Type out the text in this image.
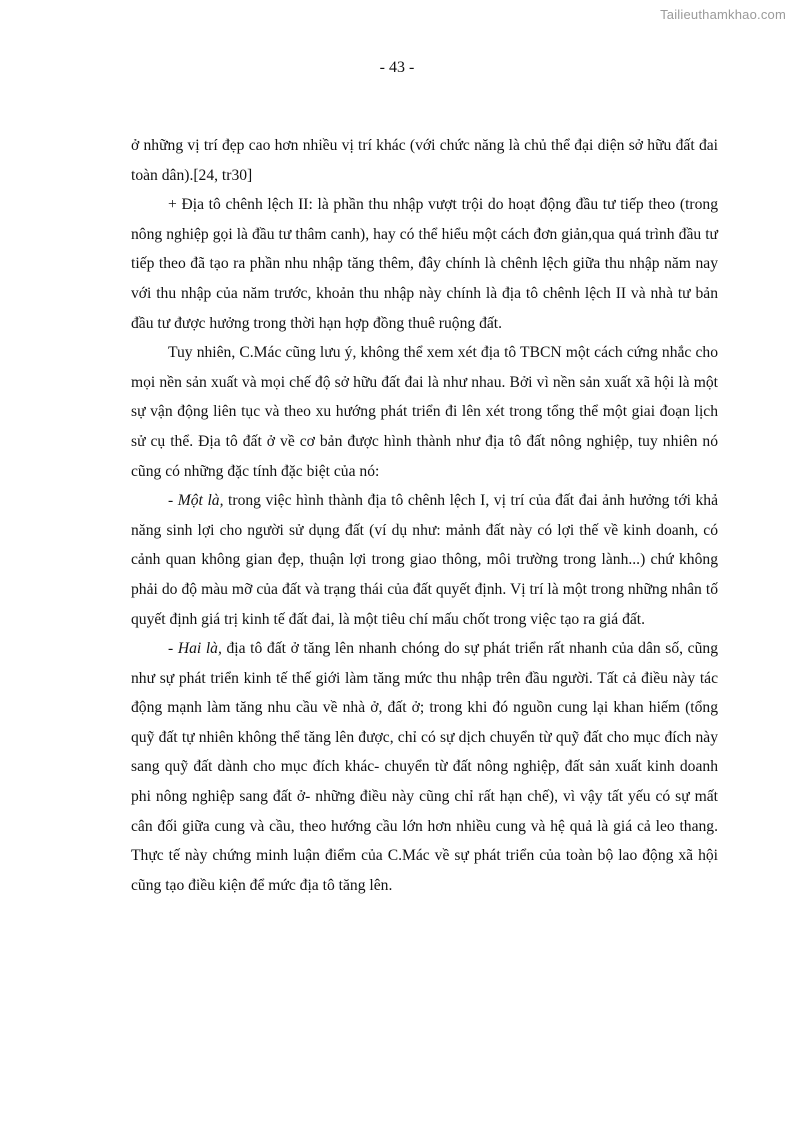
Tailieuthamkhao.com
- 43 -

ở những vị trí đẹp cao hơn nhiều vị trí khác (với chức năng là chủ thể đại diện sở hữu đất đai toàn dân).[24, tr30]

+ Địa tô chênh lệch II: là phần thu nhập vượt trội do hoạt động đầu tư tiếp theo (trong nông nghiệp gọi là đầu tư thâm canh), hay có thể hiểu một cách đơn giản,qua quá trình đầu tư tiếp theo đã tạo ra phần nhu nhập tăng thêm, đây chính là chênh lệch giữa thu nhập năm nay với thu nhập của năm trước, khoản thu nhập này chính là địa tô chênh lệch II và nhà tư bản đầu tư được hưởng trong thời hạn hợp đồng thuê ruộng đất.

Tuy nhiên, C.Mác cũng lưu ý, không thể xem xét địa tô TBCN một cách cứng nhắc cho mọi nền sản xuất và mọi chế độ sở hữu đất đai là như nhau. Bởi vì nền sản xuất xã hội là một sự vận động liên tục và theo xu hướng phát triển đi lên xét trong tổng thể một giai đoạn lịch sử cụ thể. Địa tô đất ở về cơ bản được hình thành như địa tô đất nông nghiệp, tuy nhiên nó cũng có những đặc tính đặc biệt của nó:

- Một là, trong việc hình thành địa tô chênh lệch I, vị trí của đất đai ảnh hưởng tới khả năng sinh lợi cho người sử dụng đất (ví dụ như: mảnh đất này có lợi thế về kinh doanh, có cảnh quan không gian đẹp, thuận lợi trong giao thông, môi trường trong lành...) chứ không phải do độ màu mỡ của đất và trạng thái của đất quyết định. Vị trí là một trong những nhân tố quyết định giá trị kinh tế đất đai, là một tiêu chí mấu chốt trong việc tạo ra giá đất.

- Hai là, địa tô đất ở tăng lên nhanh chóng do sự phát triển rất nhanh của dân số, cũng như sự phát triển kinh tế thế giới làm tăng mức thu nhập trên đầu người. Tất cả điều này tác động mạnh làm tăng nhu cầu về nhà ở, đất ở; trong khi đó nguồn cung lại khan hiếm (tổng quỹ đất tự nhiên không thể tăng lên được, chỉ có sự dịch chuyển từ quỹ đất cho mục đích này sang quỹ đất dành cho mục đích khác- chuyển từ đất nông nghiệp, đất sản xuất kinh doanh phi nông nghiệp sang đất ở- những điều này cũng chỉ rất hạn chế), vì vậy tất yếu có sự mất cân đối giữa cung và cầu, theo hướng cầu lớn hơn nhiều cung và hệ quả là giá cả leo thang. Thực tế này chứng minh luận điểm của C.Mác về sự phát triển của toàn bộ lao động xã hội cũng tạo điều kiện để mức địa tô tăng lên.
